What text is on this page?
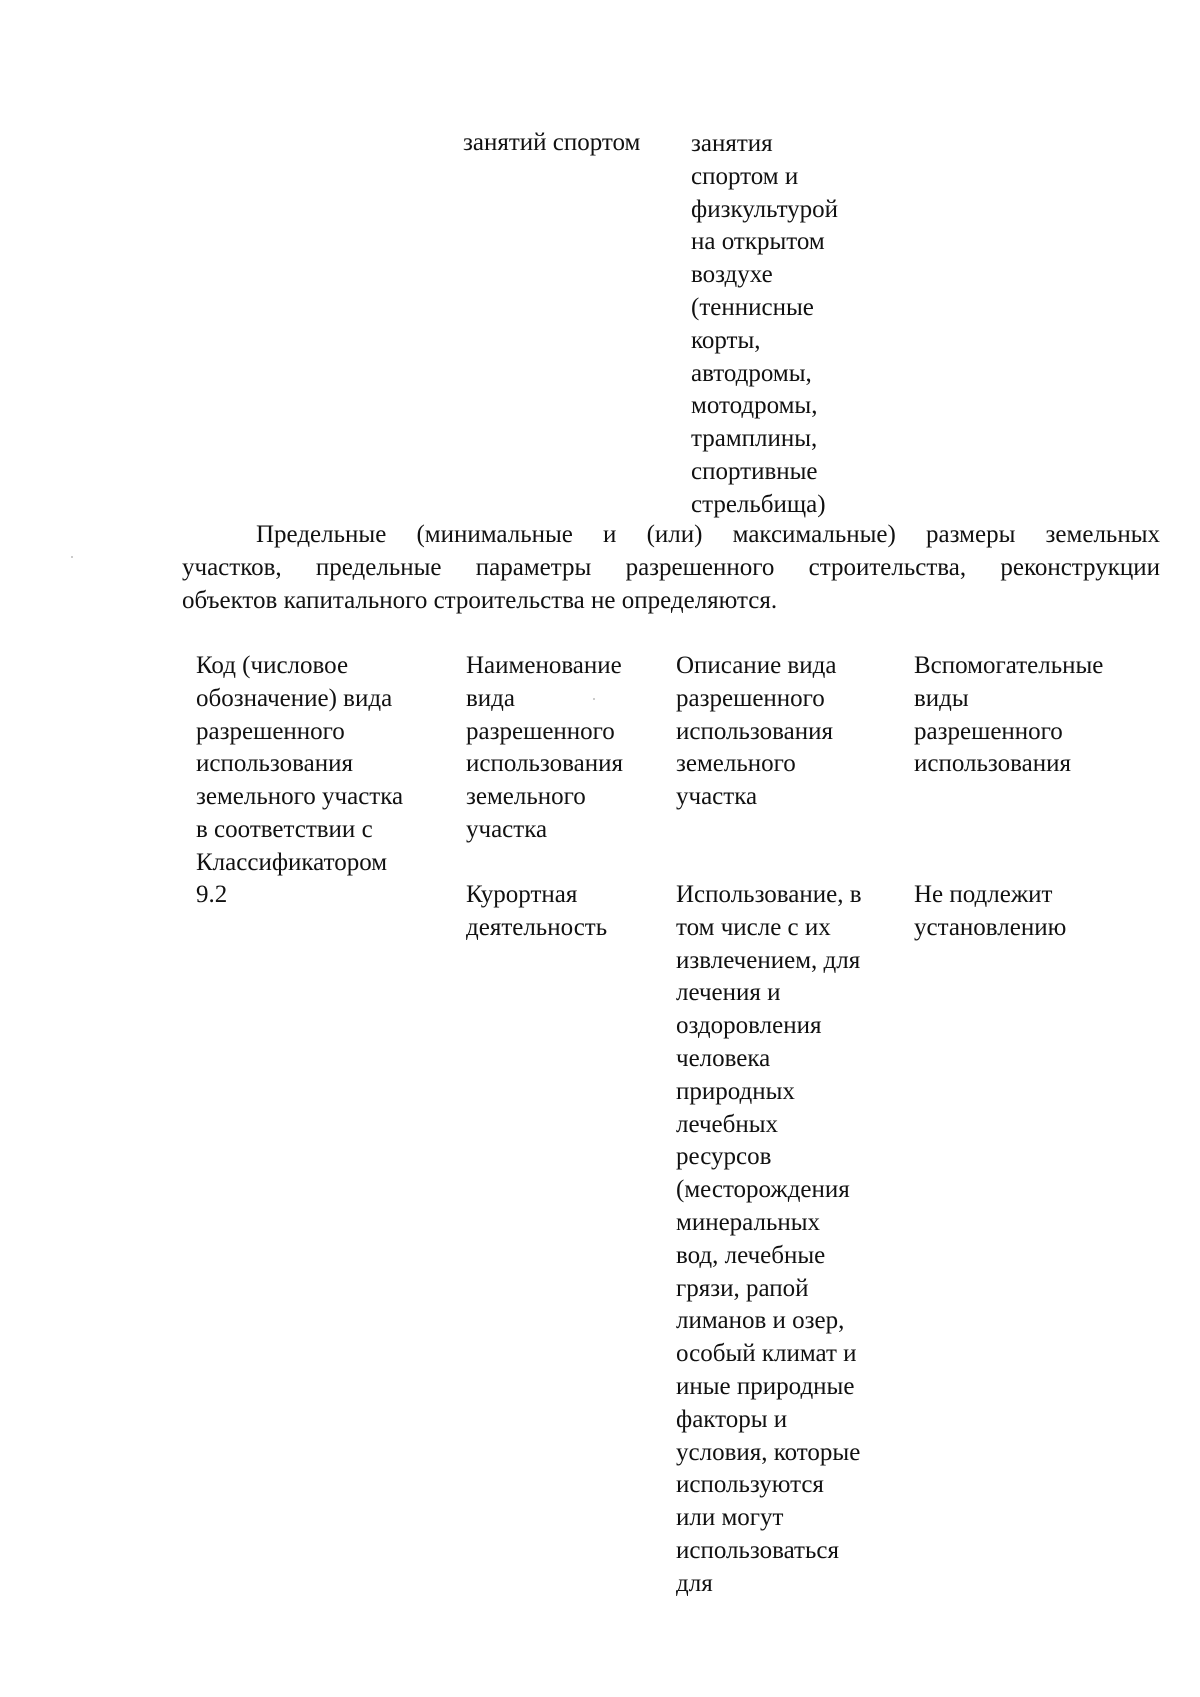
занятий спортом занятия
спортом и
физкультурой
на открытом
воздухе
(теннисные
корты,
автодромы,
мотодромы,
трамплины,
спортивные
стрельбища)
Предельные (минимальные и (или) максимальные) размеры земельных
участков, предельные параметры разрешенного строительства, реконструкции
объектов капитального строительства не определяются.
Код (числовое
обозначение) вида
разрешенного
использования
земельного участка
в соответствии с
Классификатором
Наименование
вида
разрешенного
использования
земельного
участка
Описание вида
разрешенного
использования
земельного
участка
Вспомогательные
виды
разрешенного
использования
9.2	Курортная
деятельность
Использование, в
том числе с их
извлечением, для
лечения и
оздоровления
человека
природных
лечебных
ресурсов
(месторождения
минеральных
вод, лечебные
грязи, рапой
лиманов и озер,
особый климат и
иные природные
факторы и
условия, которые
используются
или могут
использоваться
для
Не подлежит
установлению
